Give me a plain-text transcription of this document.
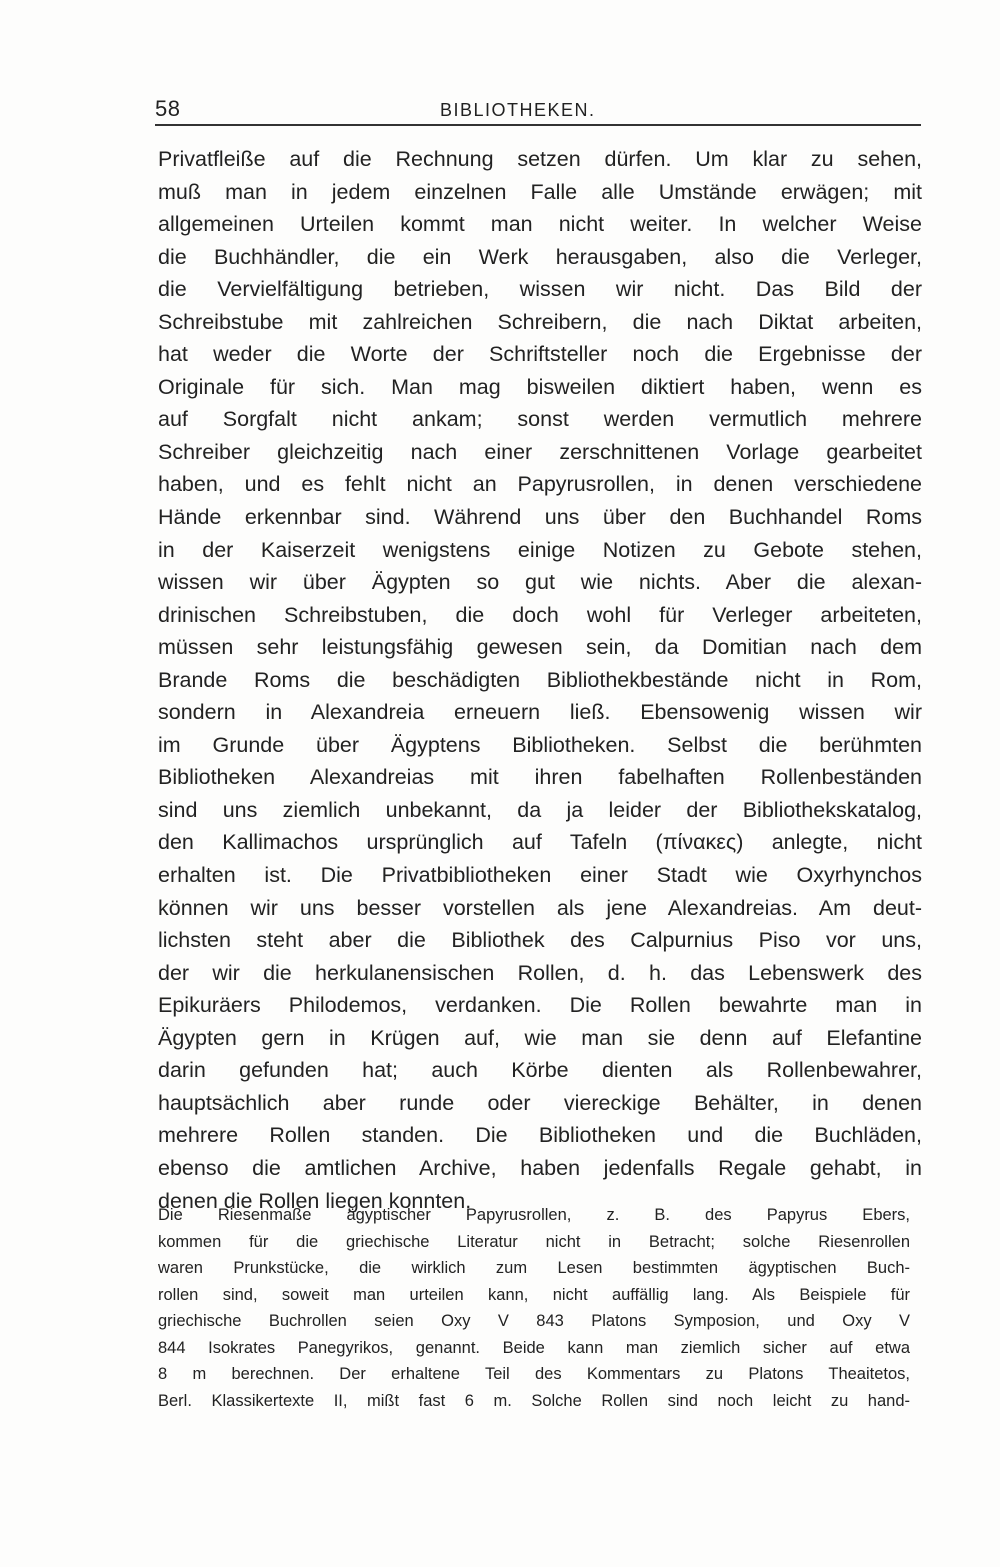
58	BIBLIOTHEKEN.
Privatfleiße auf die Rechnung setzen dürfen. Um klar zu sehen,
muß man in jedem einzelnen Falle alle Umstände erwägen; mit
allgemeinen Urteilen kommt man nicht weiter. In welcher Weise
die Buchhändler, die ein Werk herausgaben, also die Verleger,
die Vervielfältigung betrieben, wissen wir nicht. Das Bild der
Schreibstube mit zahlreichen Schreibern, die nach Diktat arbeiten,
hat weder die Worte der Schriftsteller noch die Ergebnisse der
Originale für sich. Man mag bisweilen diktiert haben, wenn es
auf Sorgfalt nicht ankam; sonst werden vermutlich mehrere
Schreiber gleichzeitig nach einer zerschnittenen Vorlage gearbeitet
haben, und es fehlt nicht an Papyrusrollen, in denen verschiedene
Hände erkennbar sind. Während uns über den Buchhandel Roms
in der Kaiserzeit wenigstens einige Notizen zu Gebote stehen,
wissen wir über Ägypten so gut wie nichts. Aber die alexan-
drinischen Schreibstuben, die doch wohl für Verleger arbeiteten,
müssen sehr leistungsfähig gewesen sein, da Domitian nach dem
Brande Roms die beschädigten Bibliothekbestände nicht in Rom,
sondern in Alexandreia erneuern ließ. Ebensowenig wissen wir
im Grunde über Ägyptens Bibliotheken. Selbst die berühmten
Bibliotheken Alexandreias mit ihren fabelhaften Rollenbeständen
sind uns ziemlich unbekannt, da ja leider der Bibliothekskatalog,
den Kallimachos ursprünglich auf Tafeln (πίνακες) anlegte, nicht
erhalten ist. Die Privatbibliotheken einer Stadt wie Oxyrhynchos
können wir uns besser vorstellen als jene Alexandreias. Am deut-
lichsten steht aber die Bibliothek des Calpurnius Piso vor uns,
der wir die herkulanensischen Rollen, d. h. das Lebenswerk des
Epikuräers Philodemos, verdanken. Die Rollen bewahrte man in
Ägypten gern in Krügen auf, wie man sie denn auf Elefantine
darin gefunden hat; auch Körbe dienten als Rollenbewahrer,
hauptsächlich aber runde oder viereckige Behälter, in denen
mehrere Rollen standen. Die Bibliotheken und die Buchläden,
ebenso die amtlichen Archive, haben jedenfalls Regale gehabt, in
denen die Rollen liegen konnten.
Die Riesenmaße ägyptischer Papyrusrollen, z. B. des Papyrus Ebers,
kommen für die griechische Literatur nicht in Betracht; solche Riesenrollen
waren Prunkstücke, die wirklich zum Lesen bestimmten ägyptischen Buch-
rollen sind, soweit man urteilen kann, nicht auffällig lang. Als Beispiele für
griechische Buchrollen seien Oxy V 843 Platons Symposion, und Oxy V
844 Isokrates Panegyrikos, genannt. Beide kann man ziemlich sicher auf etwa
8 m berechnen. Der erhaltene Teil des Kommentars zu Platons Theaitetos,
Berl. Klassikertexte II, mißt fast 6 m. Solche Rollen sind noch leicht zu hand-
